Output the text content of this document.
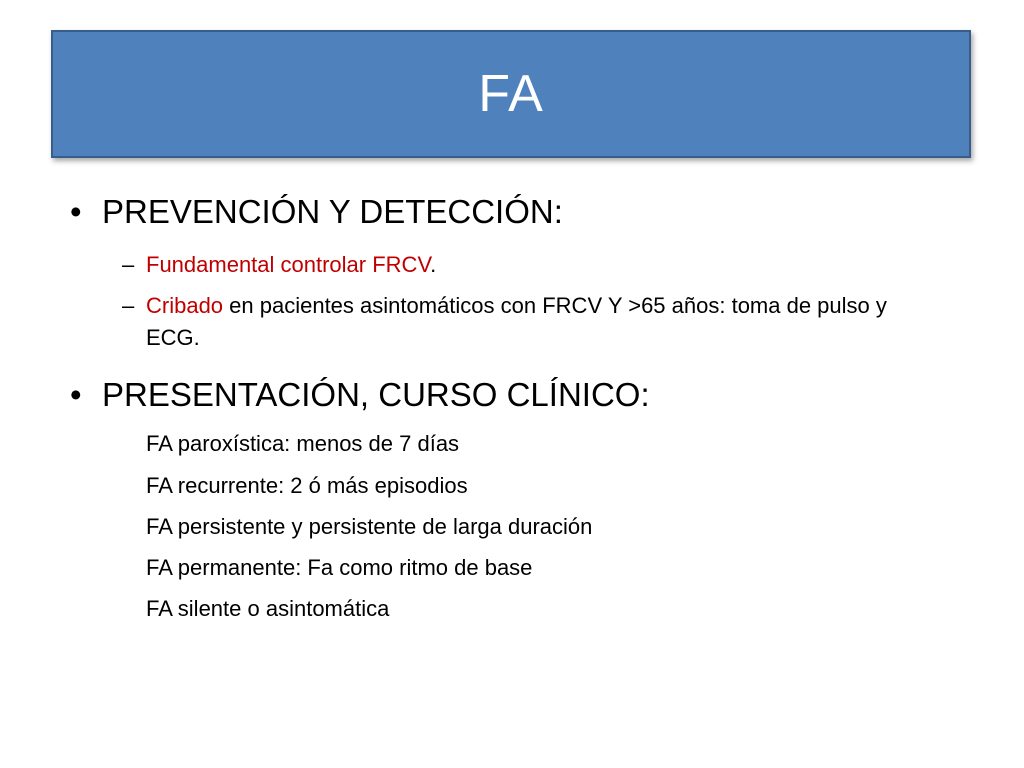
FA
• PREVENCIÓN Y DETECCIÓN:
– Fundamental controlar FRCV.
– Cribado en pacientes asintomáticos con FRCV Y >65 años: toma de pulso y ECG.
• PRESENTACIÓN, CURSO CLÍNICO:
FA paroxística: menos de 7 días
FA recurrente: 2 ó más episodios
FA persistente y persistente de larga duración
FA permanente: Fa como ritmo de base
FA silente o asintomática
